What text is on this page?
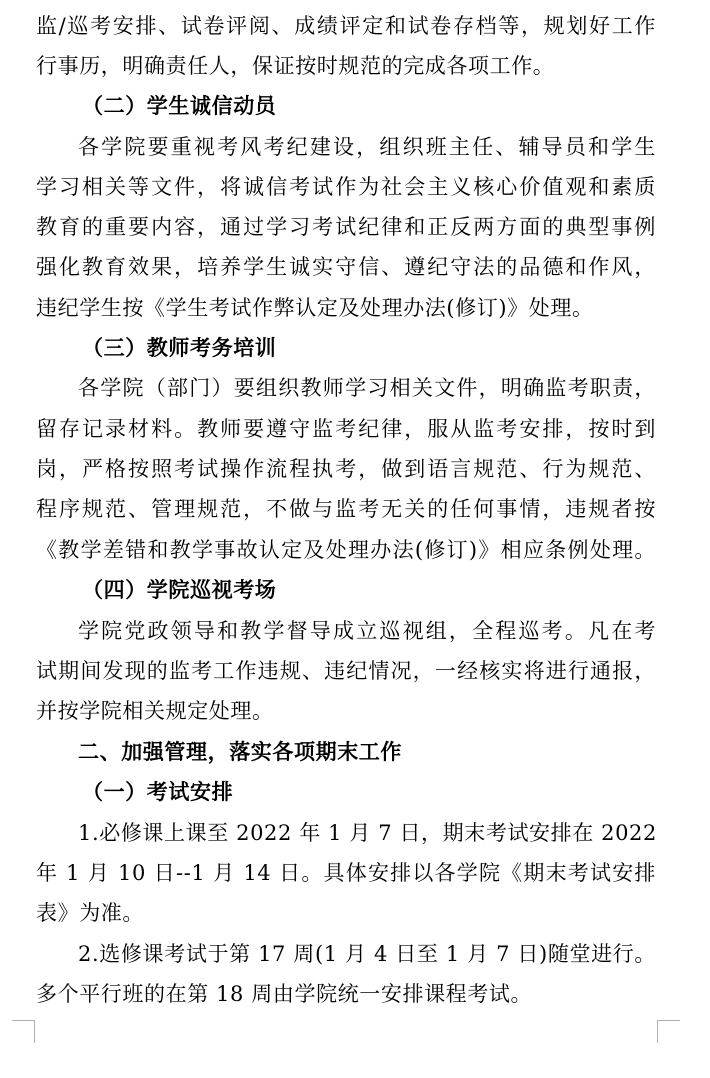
监/巡考安排、试卷评阅、成绩评定和试卷存档等，规划好工作
行事历，明确责任人，保证按时规范的完成各项工作。
（二）学生诚信动员
各学院要重视考风考纪建设，组织班主任、辅导员和学生
学习相关等文件，将诚信考试作为社会主义核心价值观和素质
教育的重要内容，通过学习考试纪律和正反两方面的典型事例
强化教育效果，培养学生诚实守信、遵纪守法的品德和作风，
违纪学生按《学生考试作弊认定及处理办法(修订)》处理。
（三）教师考务培训
各学院（部门）要组织教师学习相关文件，明确监考职责，
留存记录材料。教师要遵守监考纪律，服从监考安排，按时到
岗，严格按照考试操作流程执考，做到语言规范、行为规范、
程序规范、管理规范，不做与监考无关的任何事情，违规者按
《教学差错和教学事故认定及处理办法(修订)》相应条例处理。
（四）学院巡视考场
学院党政领导和教学督导成立巡视组，全程巡考。凡在考
试期间发现的监考工作违规、违纪情况，一经核实将进行通报，
并按学院相关规定处理。
二、加强管理，落实各项期末工作
（一）考试安排
1.必修课上课至 2022 年 1 月 7 日，期末考试安排在 2022
年 1 月 10 日--1 月 14 日。具体安排以各学院《期末考试安排
表》为准。
2.选修课考试于第 17 周(1 月 4 日至 1 月 7 日)随堂进行。
多个平行班的在第 18 周由学院统一安排课程考试。
